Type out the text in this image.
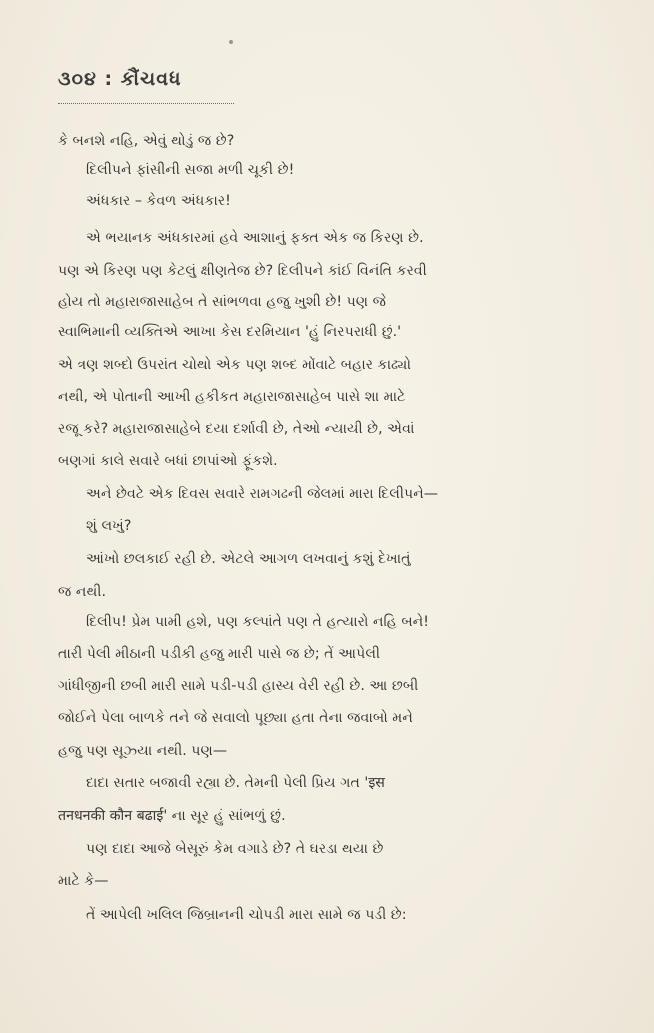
૩૦૪ : કૌંચવધ
કે બનશે નહિ, એવું થોડું જ છે?
દિલીપને ફાંસીની સજા મળી ચૂકી છે!
અંધકાર – કેવળ અંધકાર!
એ ભયાનક અંધકારમાં હવે આશાનું ફક્ત એક જ કિરણ છે.
પણ એ કિરણ પણ કેટલું ક્ષીણતેજ છે? દિલીપને કાંઈ વિનંતિ કરવી
હોય તો મહારાજાસાહેબ તે સાંભળવા હજુ ખુશી છે! પણ જે
સ્વાભિમાની વ્યક્તિએ આખા કેસ દરમિયાન 'હું નિરપરાધી છું.'
એ ત્રણ શબ્દો ઉપરાંત ચોથો એક પણ શબ્દ મોંવાટે બહાર કાઢ્યો
નથી, એ પોતાની આખી હકીકત મહારાજાસાહેબ પાસે શા માટે
રજૂ કરે? મહારાજાસાહેબે દયા દર્શાવી છે, તેઓ ન્યાયી છે, એવાં
બણગાં કાલે સવારે બધાં છાપાંઓ ફૂંકશે.
અને છેવટે એક દિવસ સવારે રામગઢની જેલમાં મારા દિલીપને—
શું લખું?
આંખો છલકાઈ રહી છે. એટલે આગળ લખવાનું કશું દેખાતું
જ નથી.
દિલીપ! પ્રેમ પામી હશે, પણ કલ્પાંતે પણ તે હત્યારો નહિ બને!
તારી પેલી મીઠાની પડીકી હજુ મારી પાસે જ છે; તેં આપેલી
ગાંધીજીની છબી મારી સામે પડી-પડી હાસ્ય વેરી રહી છે. આ છબી
જોઈને પેલા બાળકે તને જે સવાલો પૂછ્યા હતા તેના જવાબો મને
હજુ પણ સૂઝ્યા નથી. પણ—
દાદા સતાર બજાવી રહ્યા છે. તેમની પેલી પ્રિય ગત 'इस
तनधनकी कौन बढाई' ના સૂર હું સાંભળું છું.
પણ દાદા આજે બેસૂરું કેમ વગાડે છે? તે ઘરડા થયા છે
માટે કે—
તેં આપેલી ખલિલ જિબ્રાનની ચોપડી મારા સામે જ પડી છે:
